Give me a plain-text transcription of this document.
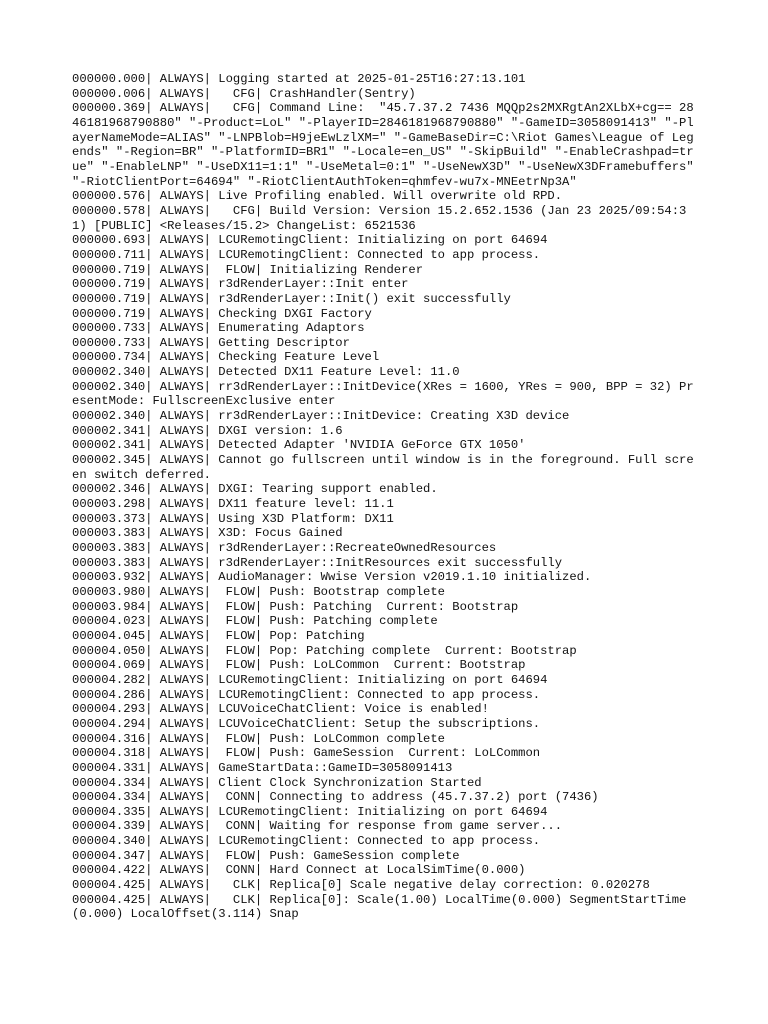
000000.000| ALWAYS| Logging started at 2025-01-25T16:27:13.101
000000.006| ALWAYS|   CFG| CrashHandler(Sentry)
000000.369| ALWAYS|   CFG| Command Line:  "45.7.37.2 7436 MQQp2s2MXRgtAn2XLbX+cg== 2846181968790880" "-Product=LoL" "-PlayerID=2846181968790880" "-GameID=3058091413" "-PlayerNameMode=ALIAS" "-LNPBlob=H9jeEwLzlXM=" "-GameBaseDir=C:\Riot Games\League of Legends" "-Region=BR" "-PlatformID=BR1" "-Locale=en_US" "-SkipBuild" "-EnableCrashpad=true" "-EnableLNP" "-UseDX11=1:1" "-UseMetal=0:1" "-UseNewX3D" "-UseNewX3DFramebuffers" "-RiotClientPort=64694" "-RiotClientAuthToken=qhmfev-wu7x-MNEetrNp3A"
000000.576| ALWAYS| Live Profiling enabled. Will overwrite old RPD.
000000.578| ALWAYS|   CFG| Build Version: Version 15.2.652.1536 (Jan 23 2025/09:54:31) [PUBLIC] <Releases/15.2> ChangeList: 6521536
000000.693| ALWAYS| LCURemotingClient: Initializing on port 64694
000000.711| ALWAYS| LCURemotingClient: Connected to app process.
000000.719| ALWAYS|  FLOW| Initializing Renderer
000000.719| ALWAYS| r3dRenderLayer::Init enter
000000.719| ALWAYS| r3dRenderLayer::Init() exit successfully
000000.719| ALWAYS| Checking DXGI Factory
000000.733| ALWAYS| Enumerating Adaptors
000000.733| ALWAYS| Getting Descriptor
000000.734| ALWAYS| Checking Feature Level
000002.340| ALWAYS| Detected DX11 Feature Level: 11.0
000002.340| ALWAYS| rr3dRenderLayer::InitDevice(XRes = 1600, YRes = 900, BPP = 32) PresentMode: FullscreenExclusive enter
000002.340| ALWAYS| rr3dRenderLayer::InitDevice: Creating X3D device
000002.341| ALWAYS| DXGI version: 1.6
000002.341| ALWAYS| Detected Adapter 'NVIDIA GeForce GTX 1050'
000002.345| ALWAYS| Cannot go fullscreen until window is in the foreground. Full screen switch deferred.
000002.346| ALWAYS| DXGI: Tearing support enabled.
000003.298| ALWAYS| DX11 feature level: 11.1
000003.373| ALWAYS| Using X3D Platform: DX11
000003.383| ALWAYS| X3D: Focus Gained
000003.383| ALWAYS| r3dRenderLayer::RecreateOwnedResources
000003.383| ALWAYS| r3dRenderLayer::InitResources exit successfully
000003.932| ALWAYS| AudioManager: Wwise Version v2019.1.10 initialized.
000003.980| ALWAYS|  FLOW| Push: Bootstrap complete
000003.984| ALWAYS|  FLOW| Push: Patching  Current: Bootstrap
000004.023| ALWAYS|  FLOW| Push: Patching complete
000004.045| ALWAYS|  FLOW| Pop: Patching
000004.050| ALWAYS|  FLOW| Pop: Patching complete  Current: Bootstrap
000004.069| ALWAYS|  FLOW| Push: LoLCommon  Current: Bootstrap
000004.282| ALWAYS| LCURemotingClient: Initializing on port 64694
000004.286| ALWAYS| LCURemotingClient: Connected to app process.
000004.293| ALWAYS| LCUVoiceChatClient: Voice is enabled!
000004.294| ALWAYS| LCUVoiceChatClient: Setup the subscriptions.
000004.316| ALWAYS|  FLOW| Push: LoLCommon complete
000004.318| ALWAYS|  FLOW| Push: GameSession  Current: LoLCommon
000004.331| ALWAYS| GameStartData::GameID=3058091413
000004.334| ALWAYS| Client Clock Synchronization Started
000004.334| ALWAYS|  CONN| Connecting to address (45.7.37.2) port (7436)
000004.335| ALWAYS| LCURemotingClient: Initializing on port 64694
000004.339| ALWAYS|  CONN| Waiting for response from game server...
000004.340| ALWAYS| LCURemotingClient: Connected to app process.
000004.347| ALWAYS|  FLOW| Push: GameSession complete
000004.422| ALWAYS|  CONN| Hard Connect at LocalSimTime(0.000)
000004.425| ALWAYS|   CLK| Replica[0] Scale negative delay correction: 0.020278
000004.425| ALWAYS|   CLK| Replica[0]: Scale(1.00) LocalTime(0.000) SegmentStartTime(0.000) LocalOffset(3.114) Snap
